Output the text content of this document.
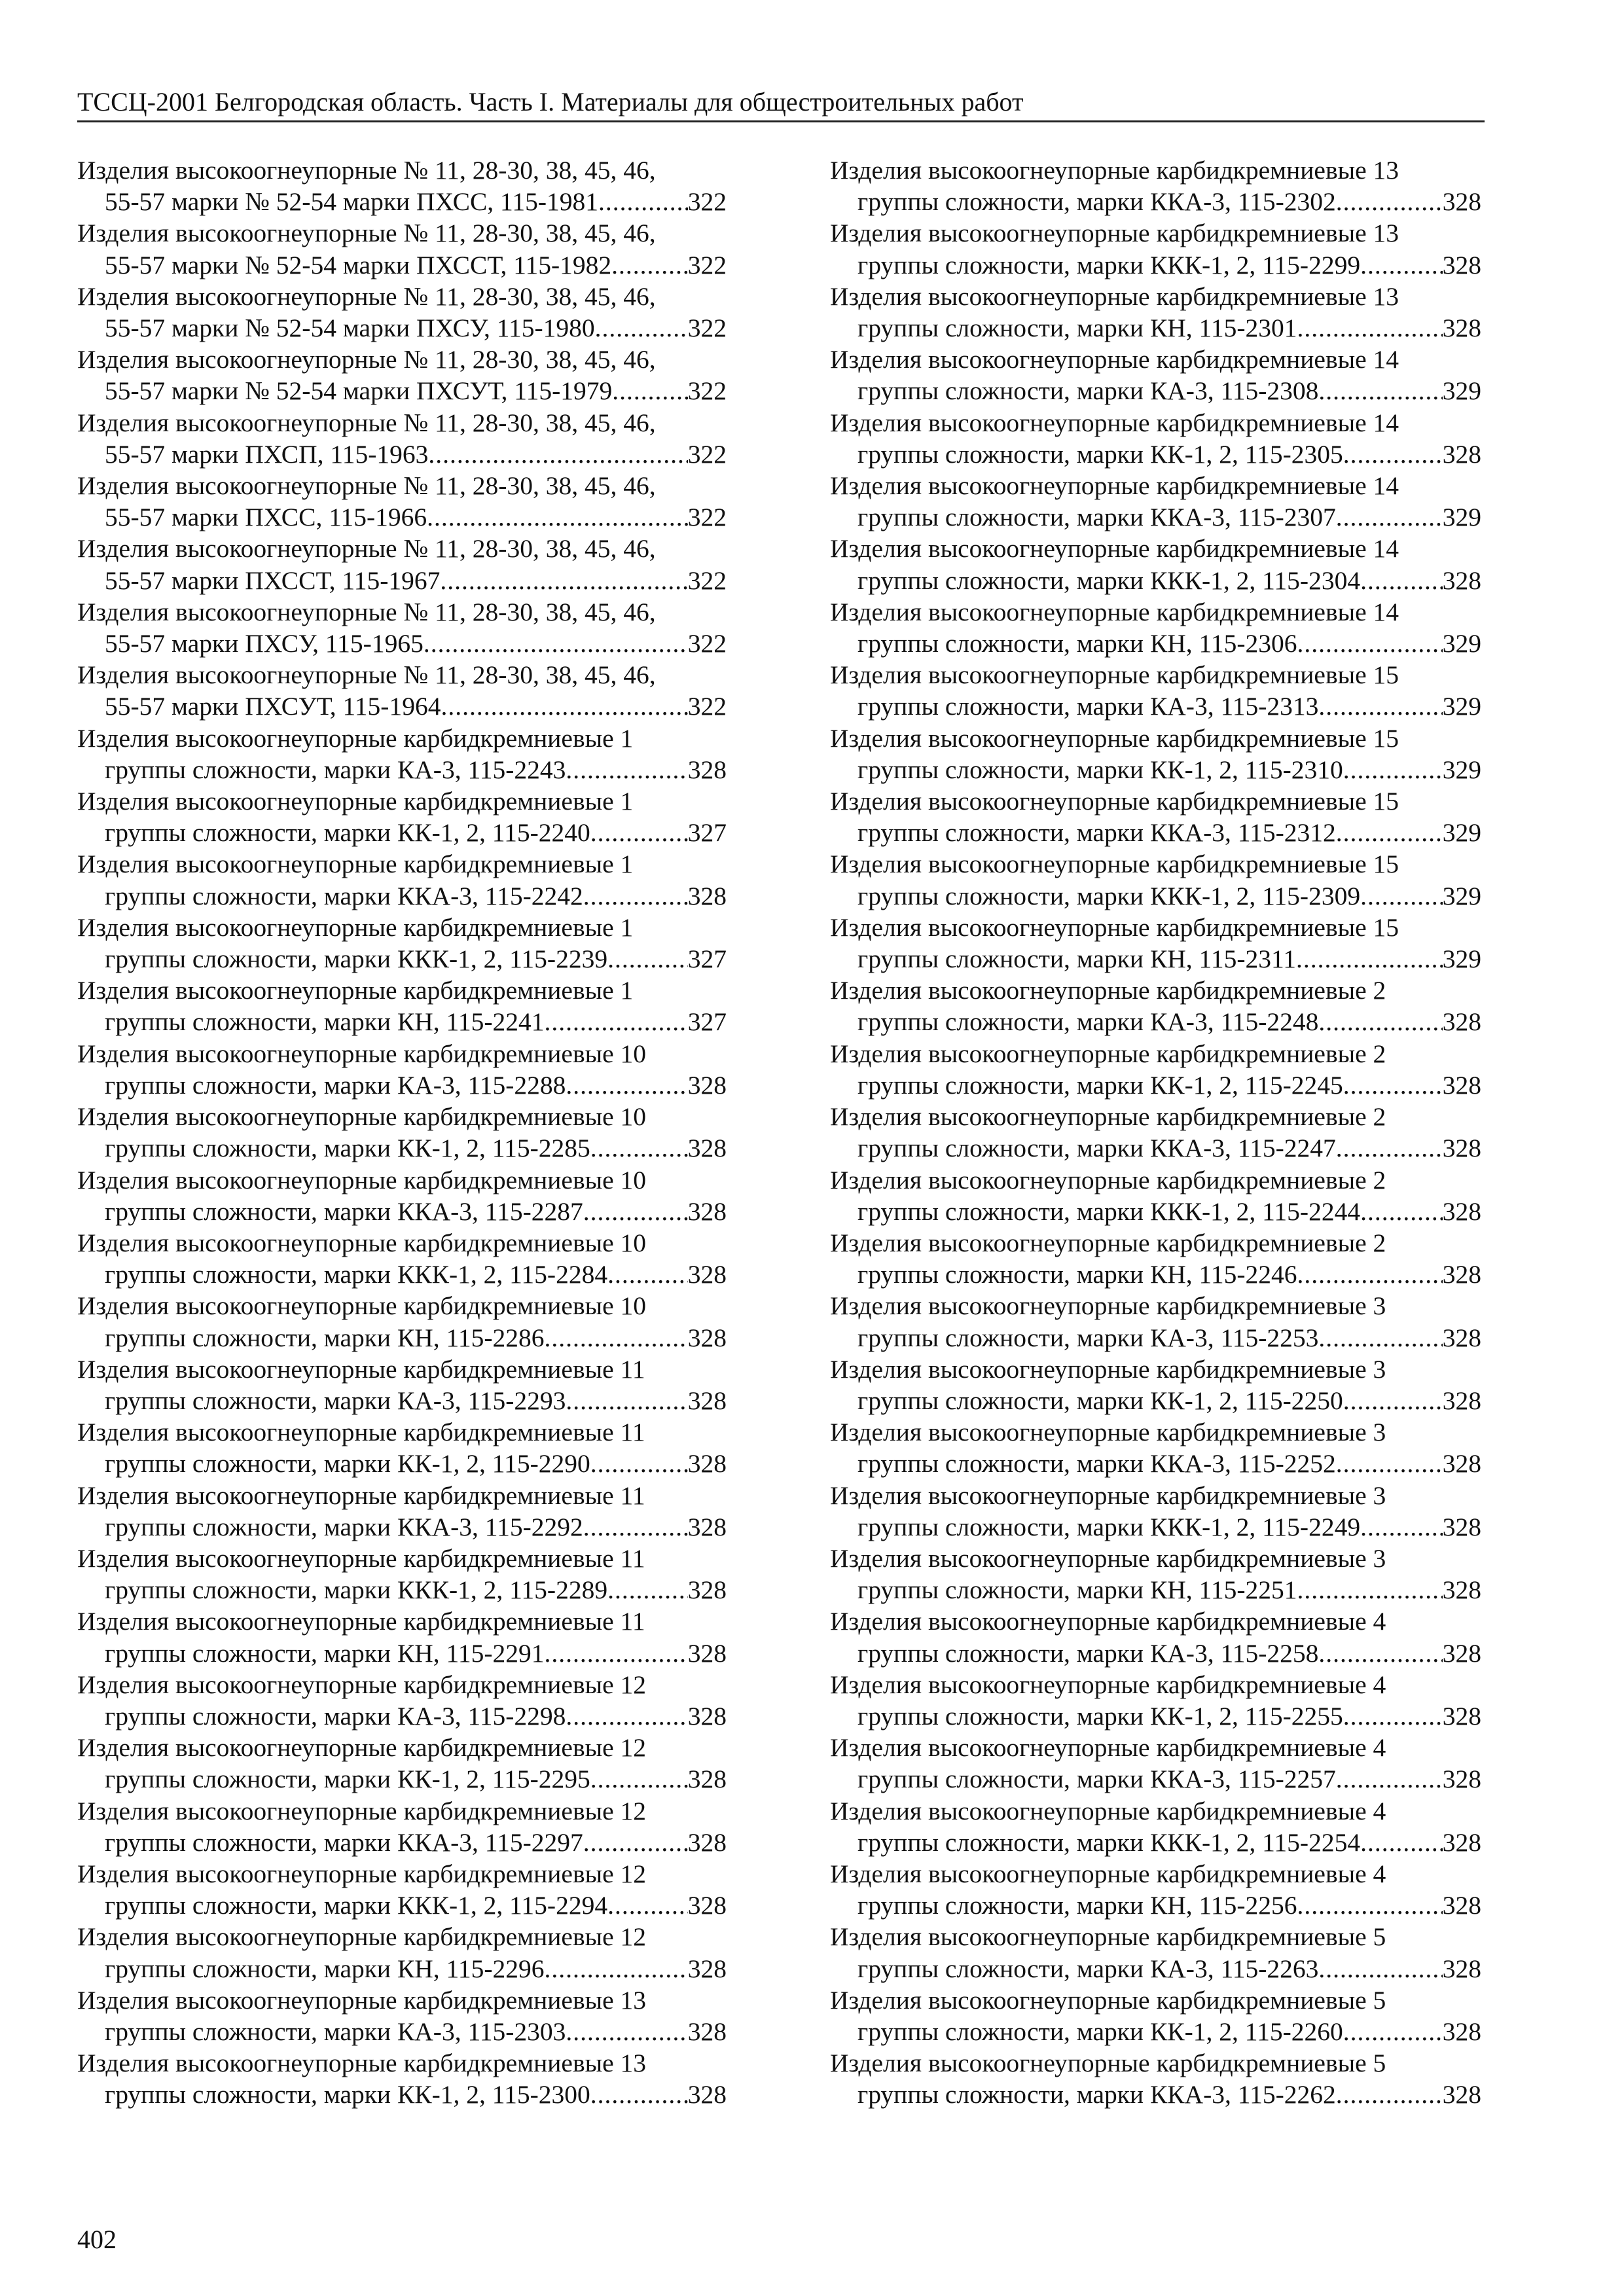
ТССЦ-2001 Белгородская область. Часть I. Материалы для общестроительных работ
Изделия высокоогнеупорные № 11, 28-30, 38, 45, 46,
55-57 марки № 52-54 марки ПХСС, 115-1981 .....	322
Изделия высокоогнеупорные № 11, 28-30, 38, 45, 46,
55-57 марки № 52-54 марки ПХССТ, 115-1982 .....	322
Изделия высокоогнеупорные № 11, 28-30, 38, 45, 46,
55-57 марки № 52-54 марки ПХСУ, 115-1980 .....	322
Изделия высокоогнеупорные № 11, 28-30, 38, 45, 46,
55-57 марки № 52-54 марки ПХСУТ, 115-1979 .....	322
Изделия высокоогнеупорные № 11, 28-30, 38, 45, 46,
55-57 марки ПХСП, 115-1963 .....	322
Изделия высокоогнеупорные № 11, 28-30, 38, 45, 46,
55-57 марки ПХСС, 115-1966 .....	322
Изделия высокоогнеупорные № 11, 28-30, 38, 45, 46,
55-57 марки ПХССТ, 115-1967 .....	322
Изделия высокоогнеупорные № 11, 28-30, 38, 45, 46,
55-57 марки ПХСУ, 115-1965 .....	322
Изделия высокоогнеупорные № 11, 28-30, 38, 45, 46,
55-57 марки ПХСУТ, 115-1964 .....	322
Изделия высокоогнеупорные карбидкремниевые 1
группы сложности, марки КА-3, 115-2243 .....	328
Изделия высокоогнеупорные карбидкремниевые 1
группы сложности, марки КК-1, 2, 115-2240 .....	327
Изделия высокоогнеупорные карбидкремниевые 1
группы сложности, марки ККА-3, 115-2242 .....	328
Изделия высокоогнеупорные карбидкремниевые 1
группы сложности, марки ККК-1, 2, 115-2239 .....	327
Изделия высокоогнеупорные карбидкремниевые 1
группы сложности, марки КН, 115-2241 .....	327
Изделия высокоогнеупорные карбидкремниевые 10
группы сложности, марки КА-3, 115-2288 .....	328
Изделия высокоогнеупорные карбидкремниевые 10
группы сложности, марки КК-1, 2, 115-2285 .....	328
Изделия высокоогнеупорные карбидкремниевые 10
группы сложности, марки ККА-3, 115-2287 .....	328
Изделия высокоогнеупорные карбидкремниевые 10
группы сложности, марки ККК-1, 2, 115-2284 .....	328
Изделия высокоогнеупорные карбидкремниевые 10
группы сложности, марки КН, 115-2286 .....	328
Изделия высокоогнеупорные карбидкремниевые 11
группы сложности, марки КА-3, 115-2293 .....	328
Изделия высокоогнеупорные карбидкремниевые 11
группы сложности, марки КК-1, 2, 115-2290 .....	328
Изделия высокоогнеупорные карбидкремниевые 11
группы сложности, марки ККА-3, 115-2292 .....	328
Изделия высокоогнеупорные карбидкремниевые 11
группы сложности, марки ККК-1, 2, 115-2289 .....	328
Изделия высокоогнеупорные карбидкремниевые 11
группы сложности, марки КН, 115-2291 .....	328
Изделия высокоогнеупорные карбидкремниевые 12
группы сложности, марки КА-3, 115-2298 .....	328
Изделия высокоогнеупорные карбидкремниевые 12
группы сложности, марки КК-1, 2, 115-2295 .....	328
Изделия высокоогнеупорные карбидкремниевые 12
группы сложности, марки ККА-3, 115-2297 .....	328
Изделия высокоогнеупорные карбидкремниевые 12
группы сложности, марки ККК-1, 2, 115-2294 .....	328
Изделия высокоогнеупорные карбидкремниевые 12
группы сложности, марки КН, 115-2296 .....	328
Изделия высокоогнеупорные карбидкремниевые 13
группы сложности, марки КА-3, 115-2303 .....	328
Изделия высокоогнеупорные карбидкремниевые 13
группы сложности, марки КК-1, 2, 115-2300 .....	328
Изделия высокоогнеупорные карбидкремниевые 13
группы сложности, марки ККА-3, 115-2302 .....	328
Изделия высокоогнеупорные карбидкремниевые 13
группы сложности, марки ККК-1, 2, 115-2299 .....	328
Изделия высокоогнеупорные карбидкремниевые 13
группы сложности, марки КН, 115-2301 .....	328
Изделия высокоогнеупорные карбидкремниевые 14
группы сложности, марки КА-3, 115-2308 .....	329
Изделия высокоогнеупорные карбидкремниевые 14
группы сложности, марки КК-1, 2, 115-2305 .....	328
Изделия высокоогнеупорные карбидкремниевые 14
группы сложности, марки ККА-3, 115-2307 .....	329
Изделия высокоогнеупорные карбидкремниевые 14
группы сложности, марки ККК-1, 2, 115-2304 .....	328
Изделия высокоогнеупорные карбидкремниевые 14
группы сложности, марки КН, 115-2306 .....	329
Изделия высокоогнеупорные карбидкремниевые 15
группы сложности, марки КА-3, 115-2313 .....	329
Изделия высокоогнеупорные карбидкремниевые 15
группы сложности, марки КК-1, 2, 115-2310 .....	329
Изделия высокоогнеупорные карбидкремниевые 15
группы сложности, марки ККА-3, 115-2312 .....	329
Изделия высокоогнеупорные карбидкремниевые 15
группы сложности, марки ККК-1, 2, 115-2309 .....	329
Изделия высокоогнеупорные карбидкремниевые 15
группы сложности, марки КН, 115-2311 .....	329
Изделия высокоогнеупорные карбидкремниевые 2
группы сложности, марки КА-3, 115-2248 .....	328
Изделия высокоогнеупорные карбидкремниевые 2
группы сложности, марки КК-1, 2, 115-2245 .....	328
Изделия высокоогнеупорные карбидкремниевые 2
группы сложности, марки ККА-3, 115-2247 .....	328
Изделия высокоогнеупорные карбидкремниевые 2
группы сложности, марки ККК-1, 2, 115-2244 .....	328
Изделия высокоогнеупорные карбидкремниевые 2
группы сложности, марки КН, 115-2246 .....	328
Изделия высокоогнеупорные карбидкремниевые 3
группы сложности, марки КА-3, 115-2253 .....	328
Изделия высокоогнеупорные карбидкремниевые 3
группы сложности, марки КК-1, 2, 115-2250 .....	328
Изделия высокоогнеупорные карбидкремниевые 3
группы сложности, марки ККА-3, 115-2252 .....	328
Изделия высокоогнеупорные карбидкремниевые 3
группы сложности, марки ККК-1, 2, 115-2249 .....	328
Изделия высокоогнеупорные карбидкремниевые 3
группы сложности, марки КН, 115-2251 .....	328
Изделия высокоогнеупорные карбидкремниевые 4
группы сложности, марки КА-3, 115-2258 .....	328
Изделия высокоогнеупорные карбидкремниевые 4
группы сложности, марки КК-1, 2, 115-2255 .....	328
Изделия высокоогнеупорные карбидкремниевые 4
группы сложности, марки ККА-3, 115-2257 .....	328
Изделия высокоогнеупорные карбидкремниевые 4
группы сложности, марки ККК-1, 2, 115-2254 .....	328
Изделия высокоогнеупорные карбидкремниевые 4
группы сложности, марки КН, 115-2256 .....	328
Изделия высокоогнеупорные карбидкремниевые 5
группы сложности, марки КА-3, 115-2263 .....	328
Изделия высокоогнеупорные карбидкремниевые 5
группы сложности, марки КК-1, 2, 115-2260 .....	328
Изделия высокоогнеупорные карбидкремниевые 5
группы сложности, марки ККА-3, 115-2262 .....	328
402
